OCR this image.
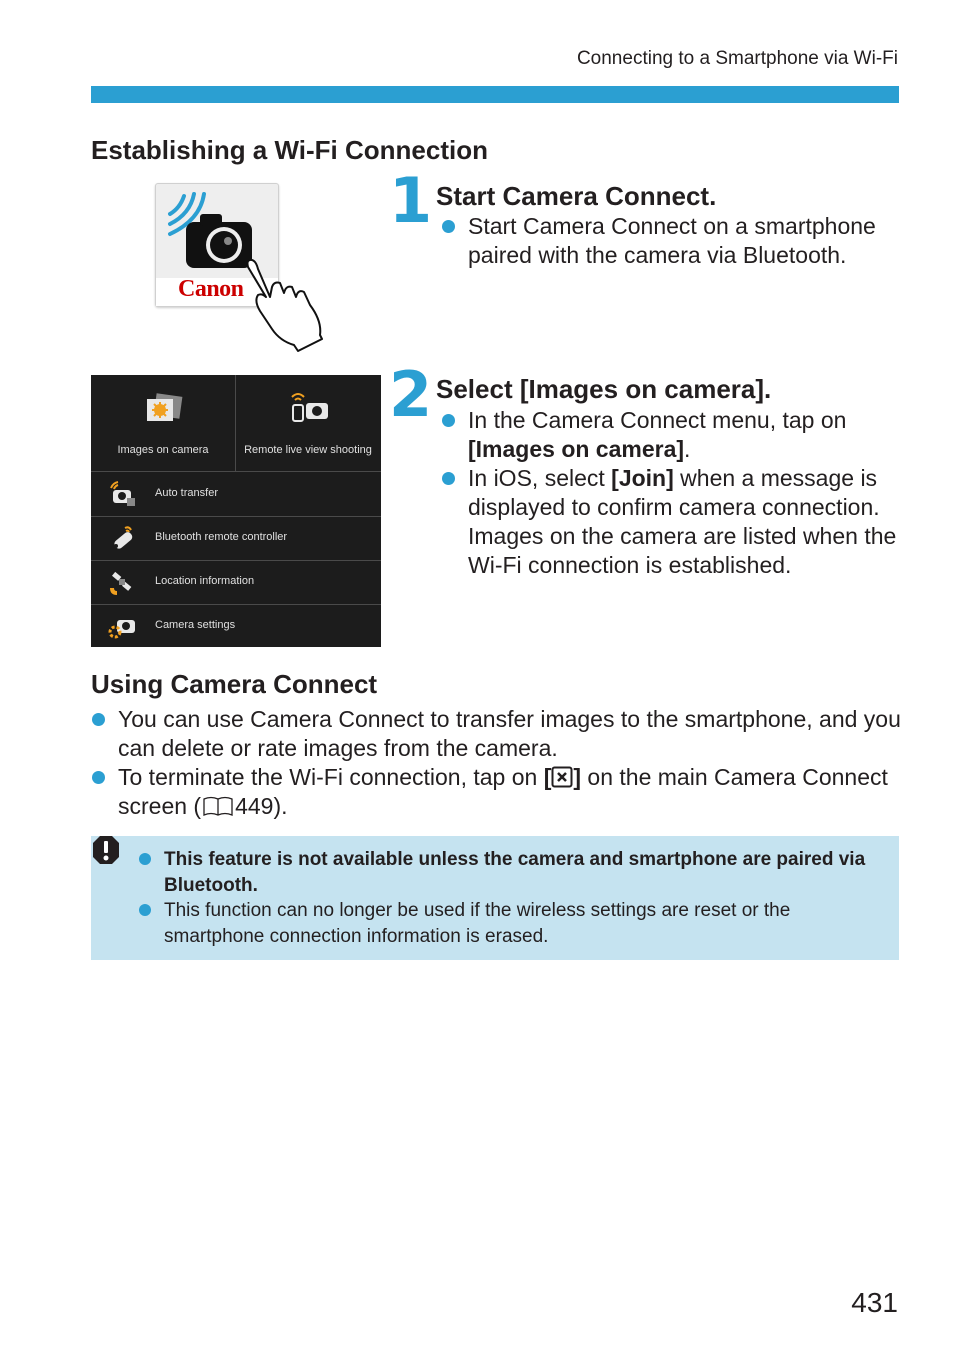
Connecting to a Smartphone via Wi-Fi
Establishing a Wi-Fi Connection
Canon
1 Start Camera Connect.
Start Camera Connect on a smartphone paired with the camera via Bluetooth.
Images on camera	Remote live view shooting
Auto transfer
Bluetooth remote controller
Location information
Camera settings
2 Select [Images on camera].
In the Camera Connect menu, tap on [Images on camera].
In iOS, select [Join] when a message is displayed to confirm camera connection. Images on the camera are listed when the Wi-Fi connection is established.
Using Camera Connect
You can use Camera Connect to transfer images to the smartphone, and you can delete or rate images from the camera.
To terminate the Wi-Fi connection, tap on [ ] on the main Camera Connect screen ( 449).
This feature is not available unless the camera and smartphone are paired via Bluetooth.
This function can no longer be used if the wireless settings are reset or the smartphone connection information is erased.
431
